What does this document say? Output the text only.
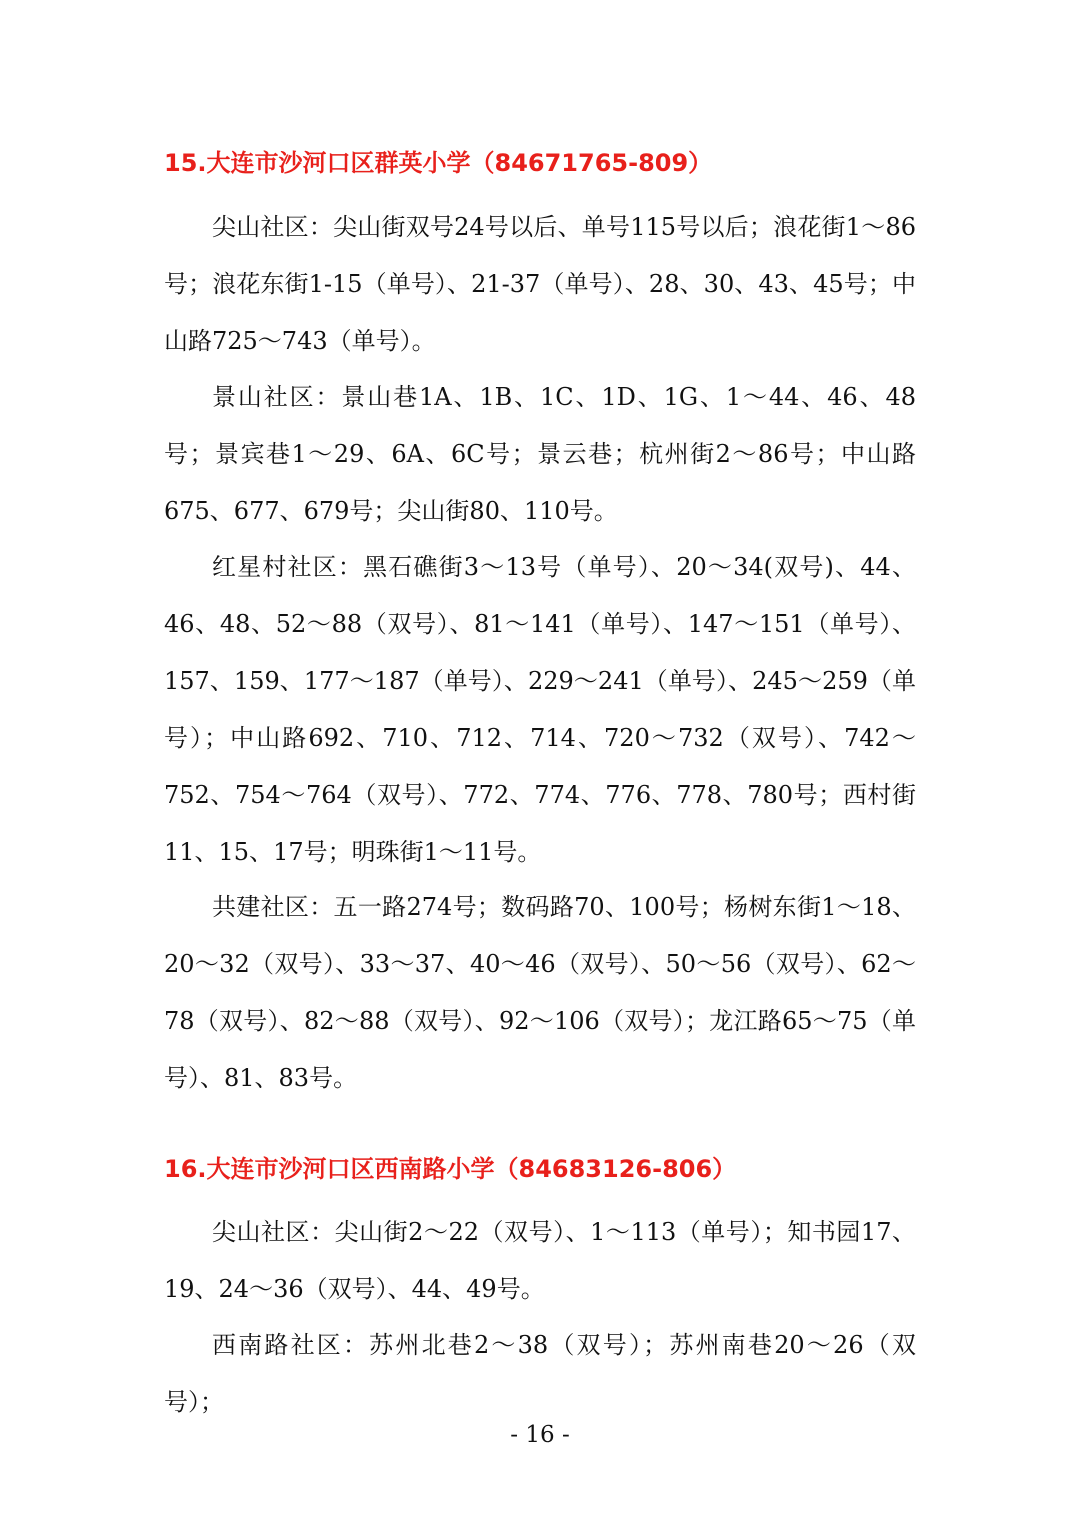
15.大连市沙河口区群英小学（84671765-809）

尖山社区：尖山街双号24号以后、单号115号以后；浪花街1～86号；浪花东街1-15（单号）、21-37（单号）、28、30、43、45号；中山路725～743（单号）。

景山社区：景山巷1A、1B、1C、1D、1G、1～44、46、48号；景宾巷1～29、6A、6C号；景云巷；杭州街2～86号；中山路675、677、679号；尖山街80、110号。

红星村社区：黑石礁街3～13号（单号）、20～34(双号)、44、46、48、52～88（双号）、81～141（单号）、147～151（单号）、157、159、177～187（单号）、229～241（单号）、245～259（单号）；中山路692、710、712、714、720～732（双号）、742～752、754～764（双号）、772、774、776、778、780号；西村街11、15、17号；明珠街1～11号。

共建社区：五一路274号；数码路70、100号；杨树东街1～18、20～32（双号）、33～37、40～46（双号）、50～56（双号）、62～78（双号）、82～88（双号）、92～106（双号）；龙江路65～75（单号）、81、83号。

16.大连市沙河口区西南路小学（84683126-806）

尖山社区：尖山街2～22（双号）、1～113（单号）；知书园17、19、24～36（双号）、44、49号。

西南路社区：苏州北巷2～38（双号）；苏州南巷20～26（双号）；

- 16 -
